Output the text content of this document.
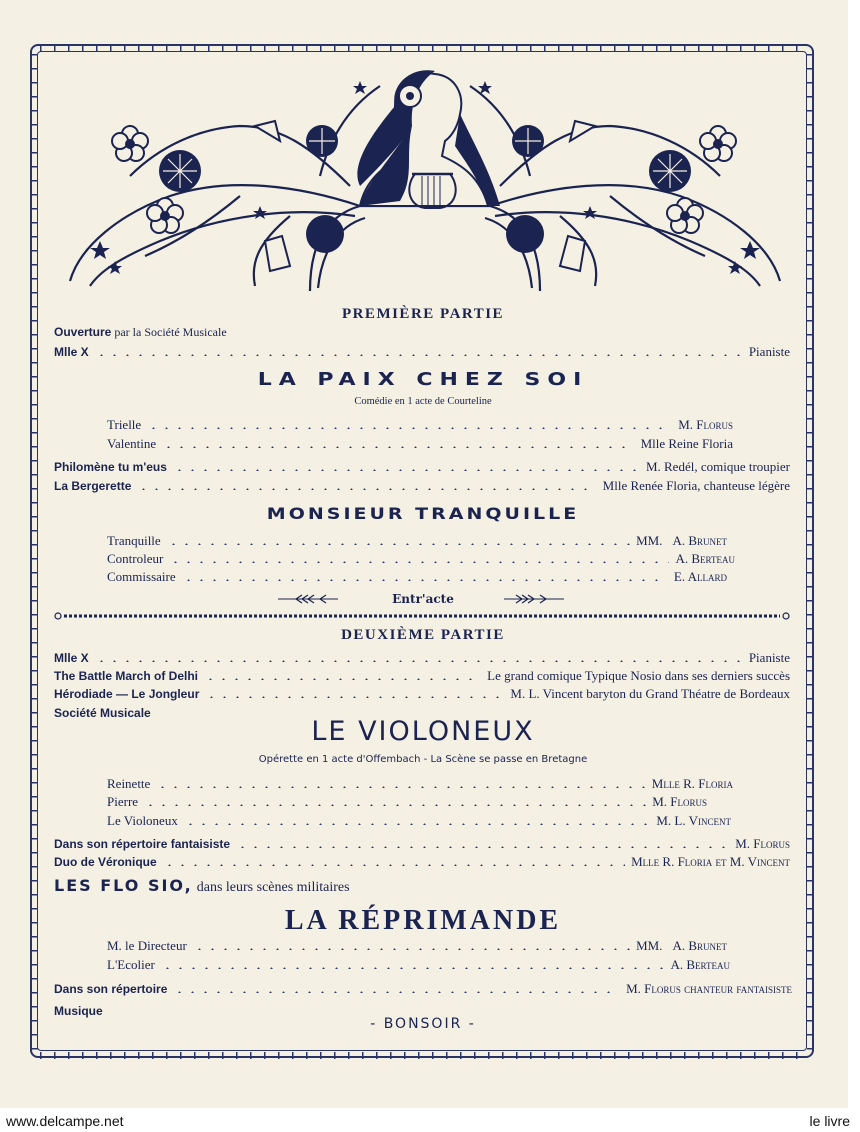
PREMIÈRE PARTIE
Ouverture par la Société Musicale
Mlle X	Pianiste
LA PAIX CHEZ SOI
Comédie en 1 acte de Courteline
Trielle	M. Florus
Valentine	Mlle Reine Floria
Philomène tu m'eus	M. Redél, comique troupier
La Bergerette	Mlle Renée Floria, chanteuse légère
MONSIEUR TRANQUILLE
Tranquille	MM. A. Brunet
Controleur	A. Berteau
Commissaire	E. Allard
Entr'acte
DEUXIÈME PARTIE
Mlle X	Pianiste
The Battle March of Delhi	Le grand comique Typique Nosio dans ses derniers succès
Hérodiade — Le Jongleur	M. L. Vincent baryton du Grand Théatre de Bordeaux
Société Musicale
LE VIOLONEUX
Opérette en 1 acte d'Offembach - La Scène se passe en Bretagne
Reinette	Mlle R. Floria
Pierre	M. Florus
Le Violoneux	M. L. Vincent
Dans son répertoire fantaisiste	M. Florus
Duo de Véronique	Mlle R. Floria et M. Vincent
LES FLO SIO, dans leurs scènes militaires
LA RÉPRIMANDE
M. le Directeur	MM. A. Brunet
L'Ecolier	A. Berteau
Dans son répertoire	M. Florus chanteur fantaisiste
Musique
- BONSOIR -
www.delcampe.net	le livre
